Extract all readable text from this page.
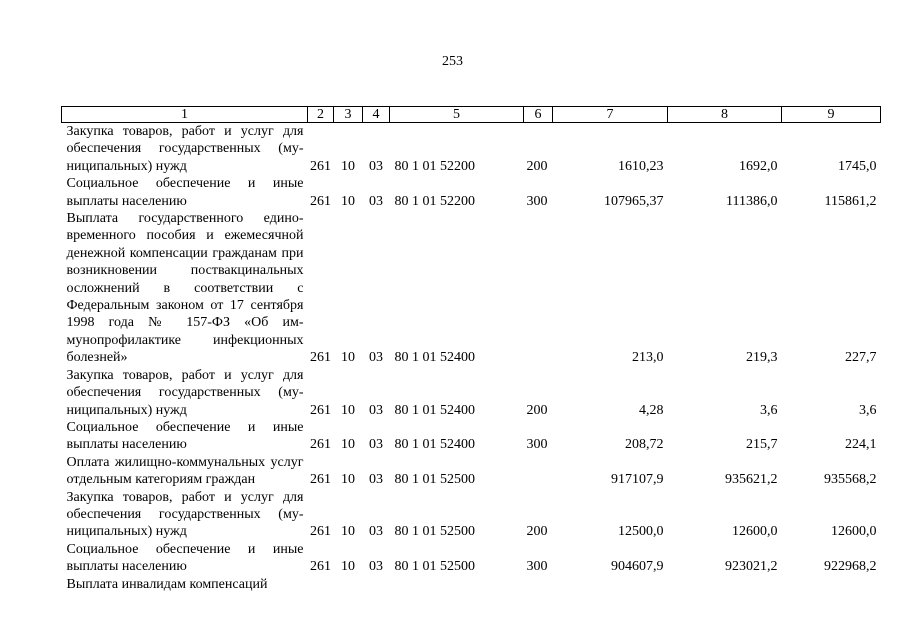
253
1	2	3	4	5	6	7	8	9
Закупка товаров, работ и услуг для обеспечения государственных (муниципальных) нужд	261	10	03	80 1 01 52200	200	1610,23	1692,0	1745,0
Социальное обеспечение и иные выплаты населению	261	10	03	80 1 01 52200	300	107965,37	111386,0	115861,2
Выплата государственного единовременного пособия и ежемесячной денежной компенсации гражданам при возникновении поствакцинальных осложнений в соответствии с Федеральным законом от 17 сентября 1998 года № 157-ФЗ «Об иммунопрофилактике инфекционных болезней»	261	10	03	80 1 01 52400		213,0	219,3	227,7
Закупка товаров, работ и услуг для обеспечения государственных (муниципальных) нужд	261	10	03	80 1 01 52400	200	4,28	3,6	3,6
Социальное обеспечение и иные выплаты населению	261	10	03	80 1 01 52400	300	208,72	215,7	224,1
Оплата жилищно-коммунальных услуг отдельным категориям граждан	261	10	03	80 1 01 52500		917107,9	935621,2	935568,2
Закупка товаров, работ и услуг для обеспечения государственных (муниципальных) нужд	261	10	03	80 1 01 52500	200	12500,0	12600,0	12600,0
Социальное обеспечение и иные выплаты населению	261	10	03	80 1 01 52500	300	904607,9	923021,2	922968,2
Выплата инвалидам компенсаций								
